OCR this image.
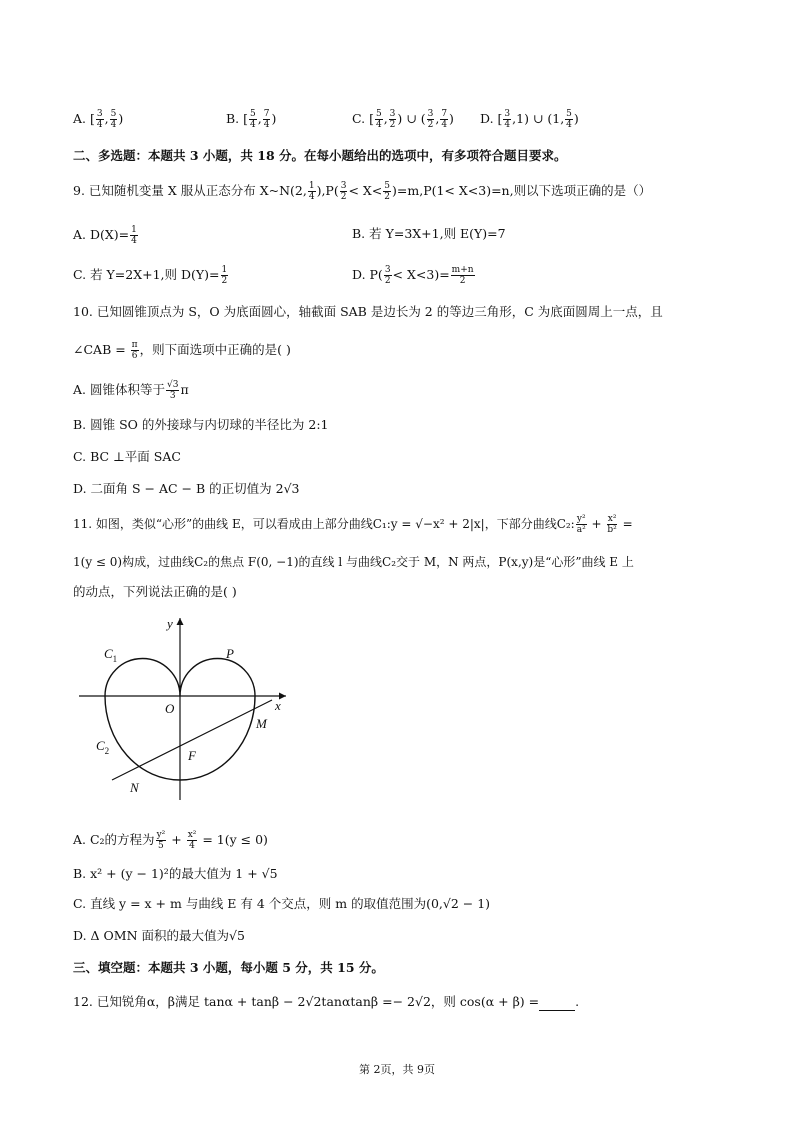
A. [ $\frac{3}{4}$ , $\frac{5}{4}$ )	B. [ $\frac{5}{4}$ , $\frac{7}{4}$ )	C. [ $\frac{5}{4}$ , $\frac{3}{2}$ ) ∪ ( $\frac{3}{2}$ , $\frac{7}{4}$ ) D. [ $\frac{3}{4} ,1$) ∪ (1, $\frac{5}{4}$ )
二、多选题：本题共 3 小题，共 18 分。在每小题给出的选项中，有多项符合题目要求。
9. 已知随机变量 X 服从正态分布 X~N(2, $\frac{1}{4} ),P( \frac{3}{2} < X< \frac{5}{2} )=m,P(1< X<3)=n$,则以下选项正确的是（）
A. $D(X)= \frac{1}{4}$	B. 若 Y=3X+1,则 E(Y)=7
C. 若 Y=2X+1,则 $D(Y)= \frac{1}{2}$	D. $P( \frac{3}{2} < X<3)= \frac{m+n}{2}$
10. 已知圆锥顶点为 S，O 为底面圆心，轴截面 SAB 是边长为 2 的等边三角形，C 为底面圆周上一点，且
∠CAB = $\frac{\pi}{6}$ ，则下面选项中正确的是( )
A. 圆锥体积等于 $\frac{√3}{3}$ π
B. 圆锥 SO 的外接球与内切球的半径比为 2:1
C. BC ⊥平面 SAC
D. 二面角 S − AC − B 的正切值为 2√3
11. 如图，类似“心形”的曲线 E，可以看成由上部分曲线C₁:y = √−x² + 2|x|，下部分曲线C₂: $\frac{\text{y²}}{\text{a²}} + \frac{\text{x²}}{\text{b²}}$ =
1(y ≤ 0)构成，过曲线C₂的焦点 F(0, −1)的直线 l 与曲线C₂交于 M，N 两点，P(x,y)是“心形”曲线 E 上
的动点，下列说法正确的是( )
y
x
O
P
$C_1$
$C_2$
M
F
N
A. C₂的方程为 $\frac{\text{y²}}{5} + \frac{\text{x²}}{4} = 1(y \le 0)$
B. x² + (y − 1)²的最大值为 1 + √5
C. 直线 y = x + m 与曲线 E 有 4 个交点，则 m 的取值范围为(0,√2 − 1)
D. Δ OMN 面积的最大值为√5
三、填空题：本题共 3 小题，每小题 5 分，共 15 分。
12. 已知锐角α，β满足 tanα + tanβ − 2√2tanαtanβ =− 2√2，则 cos(α + β) =	.
第 2页，共 9页
